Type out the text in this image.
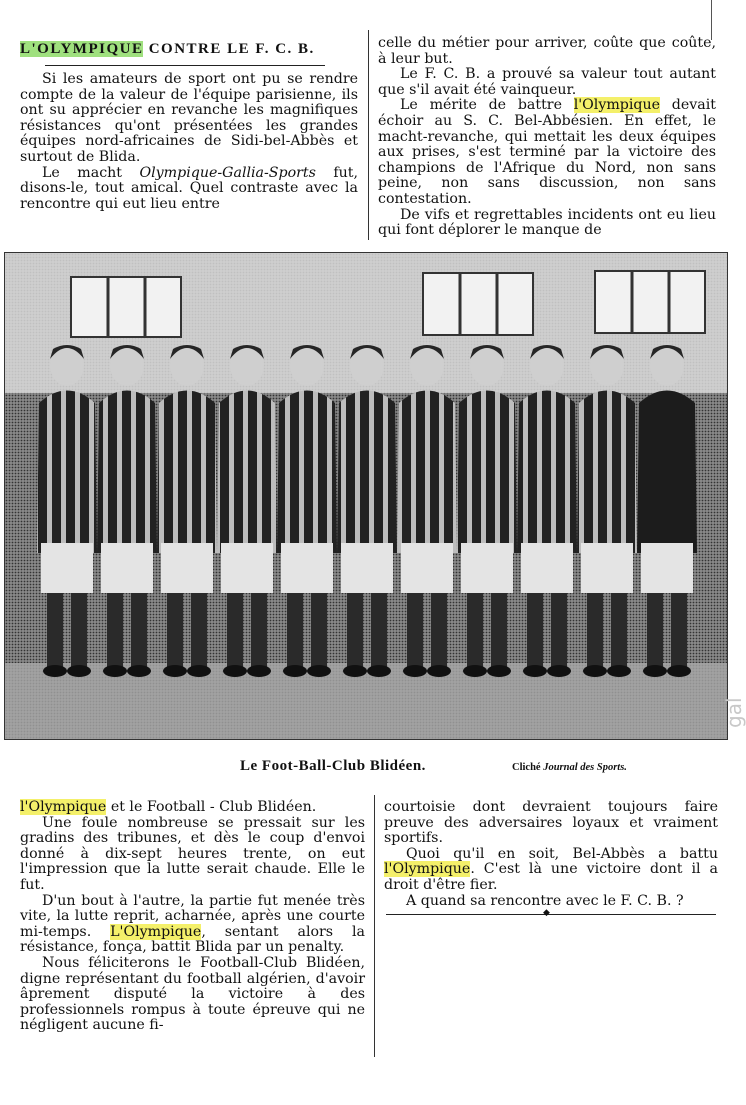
L'OLYMPIQUE CONTRE LE F. C. B.

Si les amateurs de sport ont pu se rendre compte de la valeur de l'équipe parisienne, ils ont su apprécier en revanche les magnifiques résistances qu'ont présentées les grandes équipes nord-africaines de Sidi-bel-Abbès et surtout de Blida.

Le macht Olympique-Gallia-Sports fut, disons-le, tout amical. Quel contraste avec la rencontre qui eut lieu entre

celle du métier pour arriver, coûte que coûte, à leur but.

Le F. C. B. a prouvé sa valeur tout autant que s'il avait été vainqueur.

Le mérite de battre l'Olympique devait échoir au S. C. Bel-Abbésien. En effet, le macht-revanche, qui mettait les deux équipes aux prises, s'est terminé par la victoire des champions de l'Afrique du Nord, non sans peine, non sans discussion, non sans contestation.

De vifs et regrettables incidents ont eu lieu qui font déplorer le manque de

Le Foot-Ball-Club Blidéen.	Cliché Journal des Sports.
gal

l'Olympique et le Football - Club Blidéen.

Une foule nombreuse se pressait sur les gradins des tribunes, et dès le coup d'envoi donné à dix-sept heures trente, on eut l'impression que la lutte serait chaude. Elle le fut.

D'un bout à l'autre, la partie fut menée très vite, la lutte reprit, acharnée, après une courte mi-temps. L'Olympique, sentant alors la résistance, fonça, battit Blida par un penalty.

Nous féliciterons le Football-Club Blidéen, digne représentant du football algérien, d'avoir âprement disputé la victoire à des professionnels rompus à toute épreuve qui ne négligent aucune fi-

courtoisie dont devraient toujours faire preuve des adversaires loyaux et vraiment sportifs.

Quoi qu'il en soit, Bel-Abbès a battu l'Olympique. C'est là une victoire dont il a droit d'être fier.

A quand sa rencontre avec le F. C. B. ?

◆
